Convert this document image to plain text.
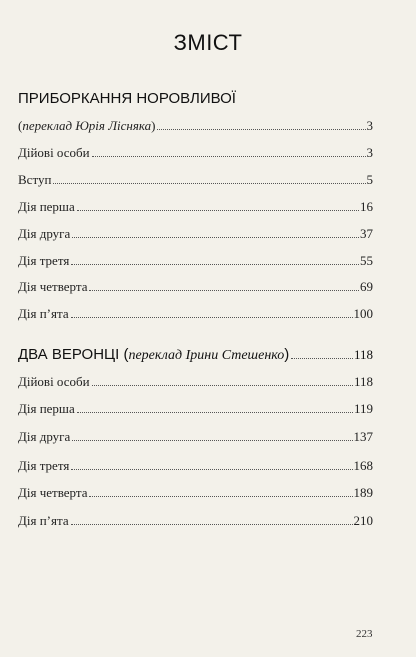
ЗМІСТ
ПРИБОРКАННЯ НОРОВЛИВОЇ
(переклад Юрія Лісняка)	3
Дійові особи	3
Вступ	5
Дія перша	16
Дія друга	37
Дія третя	55
Дія четверта	69
Дія п’ята	100
ДВА ВЕРОНЦІ (переклад Ірини Стешенко)	118
Дійові особи	118
Дія перша	119
Дія друга	137
Дія третя	168
Дія четверта	189
Дія п’ята	210
223
